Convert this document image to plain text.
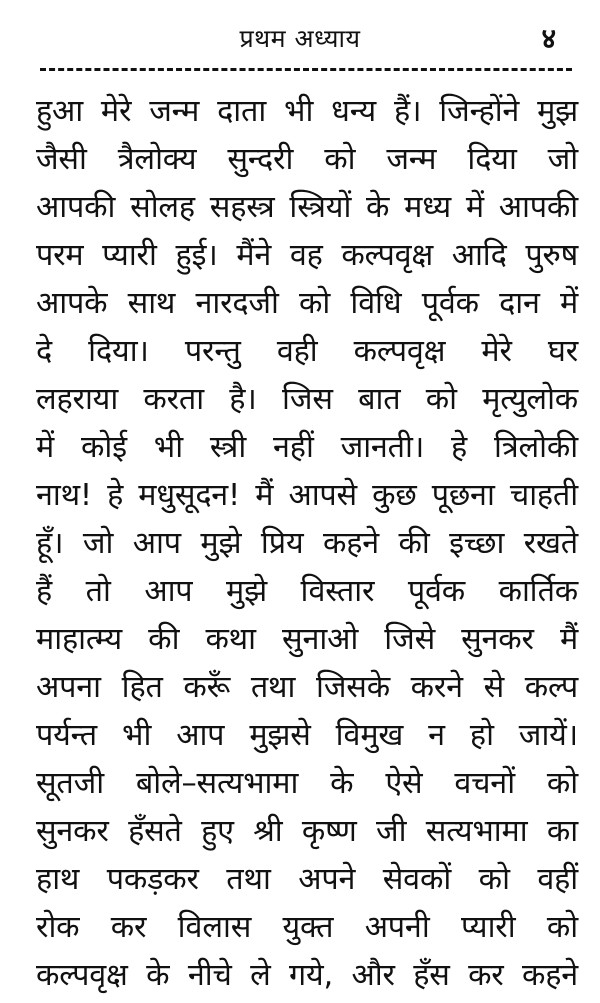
प्रथम अध्याय	४
हुआ मेरे जन्म दाता भी धन्य हैं। जिन्होंने मुझ
जैसी त्रैलोक्य सुन्दरी को जन्म दिया जो
आपकी सोलह सहस्त्र स्त्रियों के मध्य में आपकी
परम प्यारी हुई। मैंने वह कल्पवृक्ष आदि पुरुष
आपके साथ नारदजी को विधि पूर्वक दान में
दे दिया। परन्तु वही कल्पवृक्ष मेरे घर
लहराया करता है। जिस बात को मृत्युलोक
में कोई भी स्त्री नहीं जानती। हे त्रिलोकी
नाथ! हे मधुसूदन! मैं आपसे कुछ पूछना चाहती
हूँ। जो आप मुझे प्रिय कहने की इच्छा रखते
हैं तो आप मुझे विस्तार पूर्वक कार्तिक
माहात्म्य की कथा सुनाओ जिसे सुनकर मैं
अपना हित करूँ तथा जिसके करने से कल्प
पर्यन्त भी आप मुझसे विमुख न हो जायें।
सूतजी बोले–सत्यभामा के ऐसे वचनों को
सुनकर हँसते हुए श्री कृष्ण जी सत्यभामा का
हाथ पकड़कर तथा अपने सेवकों को वहीं
रोक कर विलास युक्त अपनी प्यारी को
कल्पवृक्ष के नीचे ले गये, और हँस कर कहने
